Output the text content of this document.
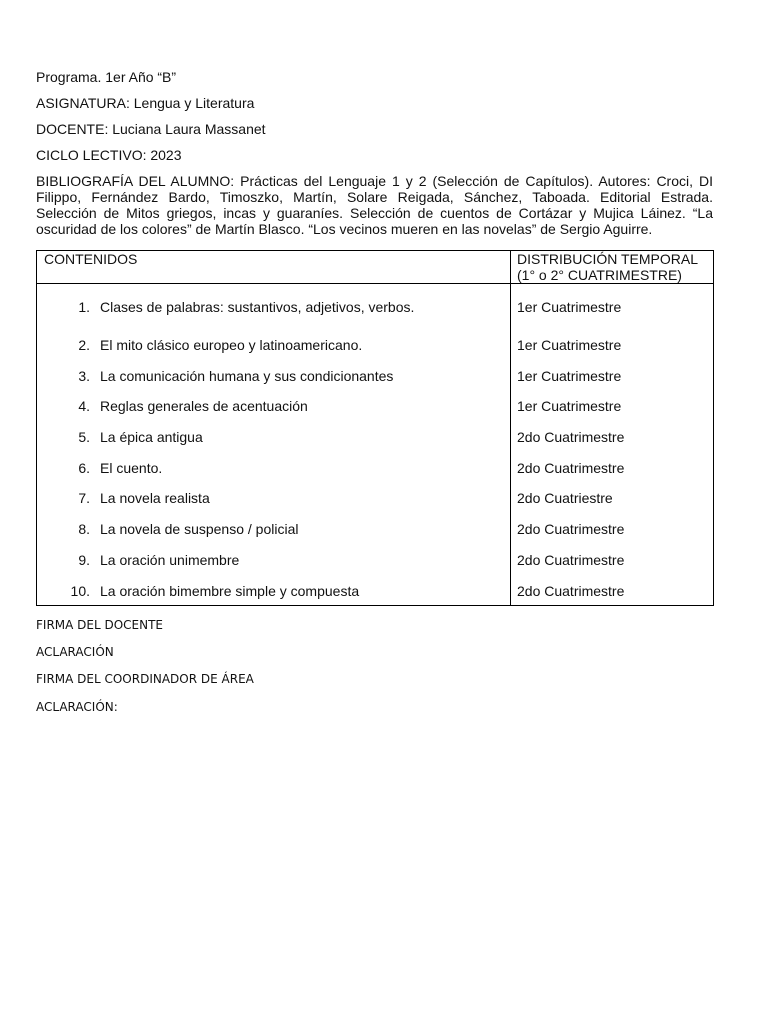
Programa. 1er Año “B”
ASIGNATURA: Lengua y Literatura
DOCENTE: Luciana Laura Massanet
CICLO LECTIVO: 2023
BIBLIOGRAFÍA DEL ALUMNO: Prácticas del Lenguaje 1 y 2 (Selección de Capítulos). Autores: Croci, DI Filippo, Fernández Bardo, Timoszko, Martín, Solare Reigada, Sánchez, Taboada. Editorial Estrada. Selección de Mitos griegos, incas y guaraníes. Selección de cuentos de Cortázar y Mujica Láinez. “La oscuridad de los colores” de Martín Blasco. “Los vecinos mueren en las novelas” de Sergio Aguirre.
CONTENIDOS	DISTRIBUCIÓN TEMPORAL
(1° o 2° CUATRIMESTRE)

1. Clases de palabras: sustantivos, adjetivos, verbos.	1er Cuatrimestre

2. El mito clásico europeo y latinoamericano.	1er Cuatrimestre

3. La comunicación humana y sus condicionantes	1er Cuatrimestre

4. Reglas generales de acentuación	1er Cuatrimestre

5. La épica antigua	2do Cuatrimestre

6. El cuento.	2do Cuatrimestre

7. La novela realista	2do Cuatriestre

8. La novela de suspenso / policial	2do Cuatrimestre

9. La oración unimembre	2do Cuatrimestre

10. La oración bimembre simple y compuesta	2do Cuatrimestre
FIRMA DEL DOCENTE
ACLARACIÓN
FIRMA DEL COORDINADOR DE ÁREA
ACLARACIÓN:
